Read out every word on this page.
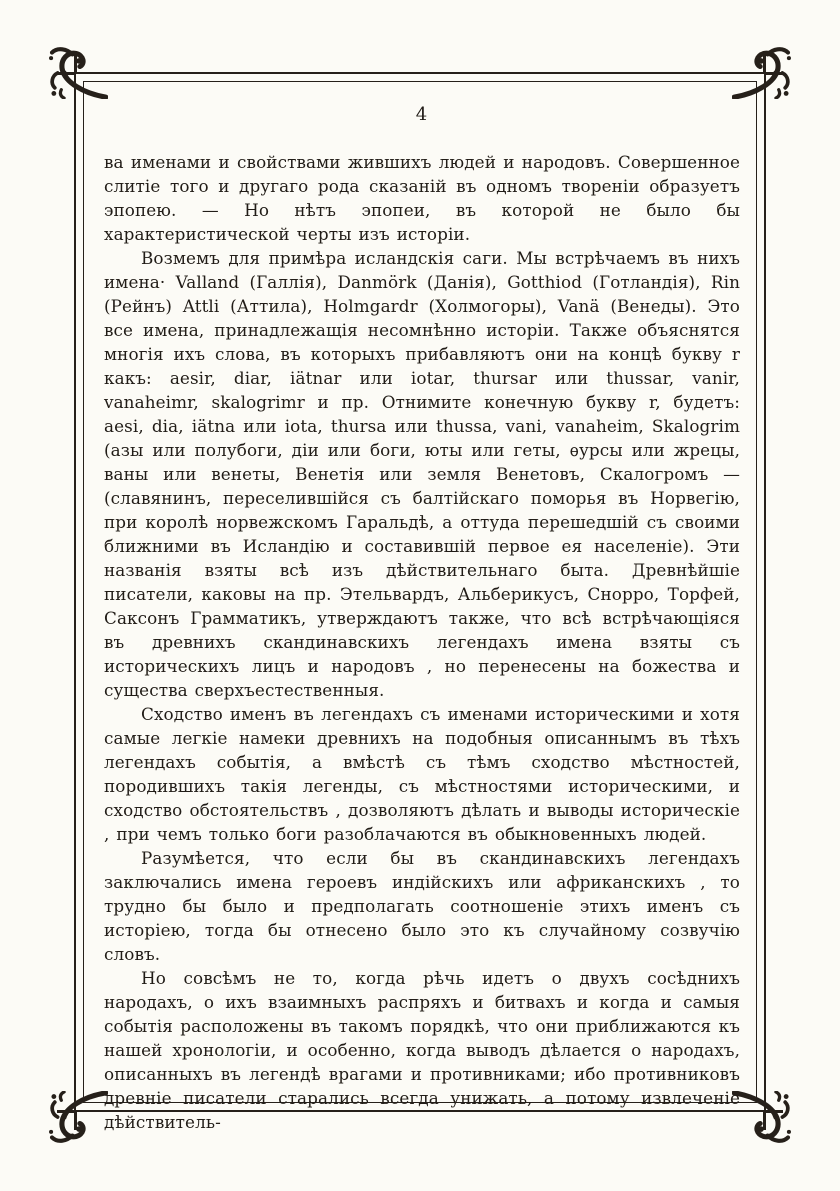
4

ва именами и свойствами жившихъ людей и народовъ. Совершенное слитіе того и другаго рода сказаній въ одномъ твореніи образуетъ эпопею. — Но нѣтъ эпопеи, въ которой не было бы характеристической черты изъ исторіи.

Возмемъ для примѣра исландскія саги. Мы встрѣчаемъ въ нихъ имена· Valland (Галлія), Danmörk (Данія), Gotthiod (Готландія), Rin (Рейнъ) Attli (Аттила), Holmgardr (Холмогоры), Vanä (Венеды). Это все имена, принадлежащія несомнѣнно исторіи. Также объяснятся многія ихъ слова, въ которыхъ прибавляютъ они на концѣ букву r какъ: aesir, diar, iätnar или iotar, thursar или thussar, vanir, vanaheimr, skalogrimr и пр. Отнимите конечную букву r, будетъ: aesi, dia, iätna или iota, thursa или thussa, vani, vanaheim, Skalogrim (азы или полубоги, діи или боги, юты или геты, ѳурсы или жрецы, ваны или венеты, Венетія или земля Венетовъ, Скалогромъ — (славянинъ, переселившійся съ балтійскаго поморья въ Норвегію, при королѣ норвежскомъ Гаральдѣ, а оттуда перешедшій съ своими ближними въ Исландію и составившій первое ея населеніе). Эти названія взяты всѣ изъ дѣйствительнаго быта. Древнѣйшіе писатели, каковы на пр. Этельвардъ, Альберикусъ, Снорро, Торфей, Саксонъ Грамматикъ, утверждаютъ также, что всѣ встрѣчающіяся въ древнихъ скандинавскихъ легендахъ имена взяты съ историческихъ лицъ и народовъ , но перенесены на божества и существа сверхъестественныя.

Сходство именъ въ легендахъ съ именами историческими и хотя самые легкіе намеки древнихъ на подобныя описаннымъ въ тѣхъ легендахъ событія, а вмѣстѣ съ тѣмъ сходство мѣстностей, породившихъ такія легенды, съ мѣстностями историческими, и сходство обстоятельствъ , дозволяютъ дѣлать и выводы историческіе , при чемъ только боги разоблачаются въ обыкновенныхъ людей.

Разумѣется, что если бы въ скандинавскихъ легендахъ заключались имена героевъ индійскихъ или африканскихъ , то трудно бы было и предполагать соотношеніе этихъ именъ съ исторіею, тогда бы отнесено было это къ случайному созвучію словъ.

Но совсѣмъ не то, когда рѣчь идетъ о двухъ сосѣднихъ народахъ, о ихъ взаимныхъ распряхъ и битвахъ и когда и самыя событія расположены въ такомъ порядкѣ, что они приближаются къ нашей хронологіи, и особенно, когда выводъ дѣлается о народахъ, описанныхъ въ легендѣ врагами и противниками; ибо противниковъ древніе писатели старались всегда унижать, а потому извлеченіе дѣйствитель-
